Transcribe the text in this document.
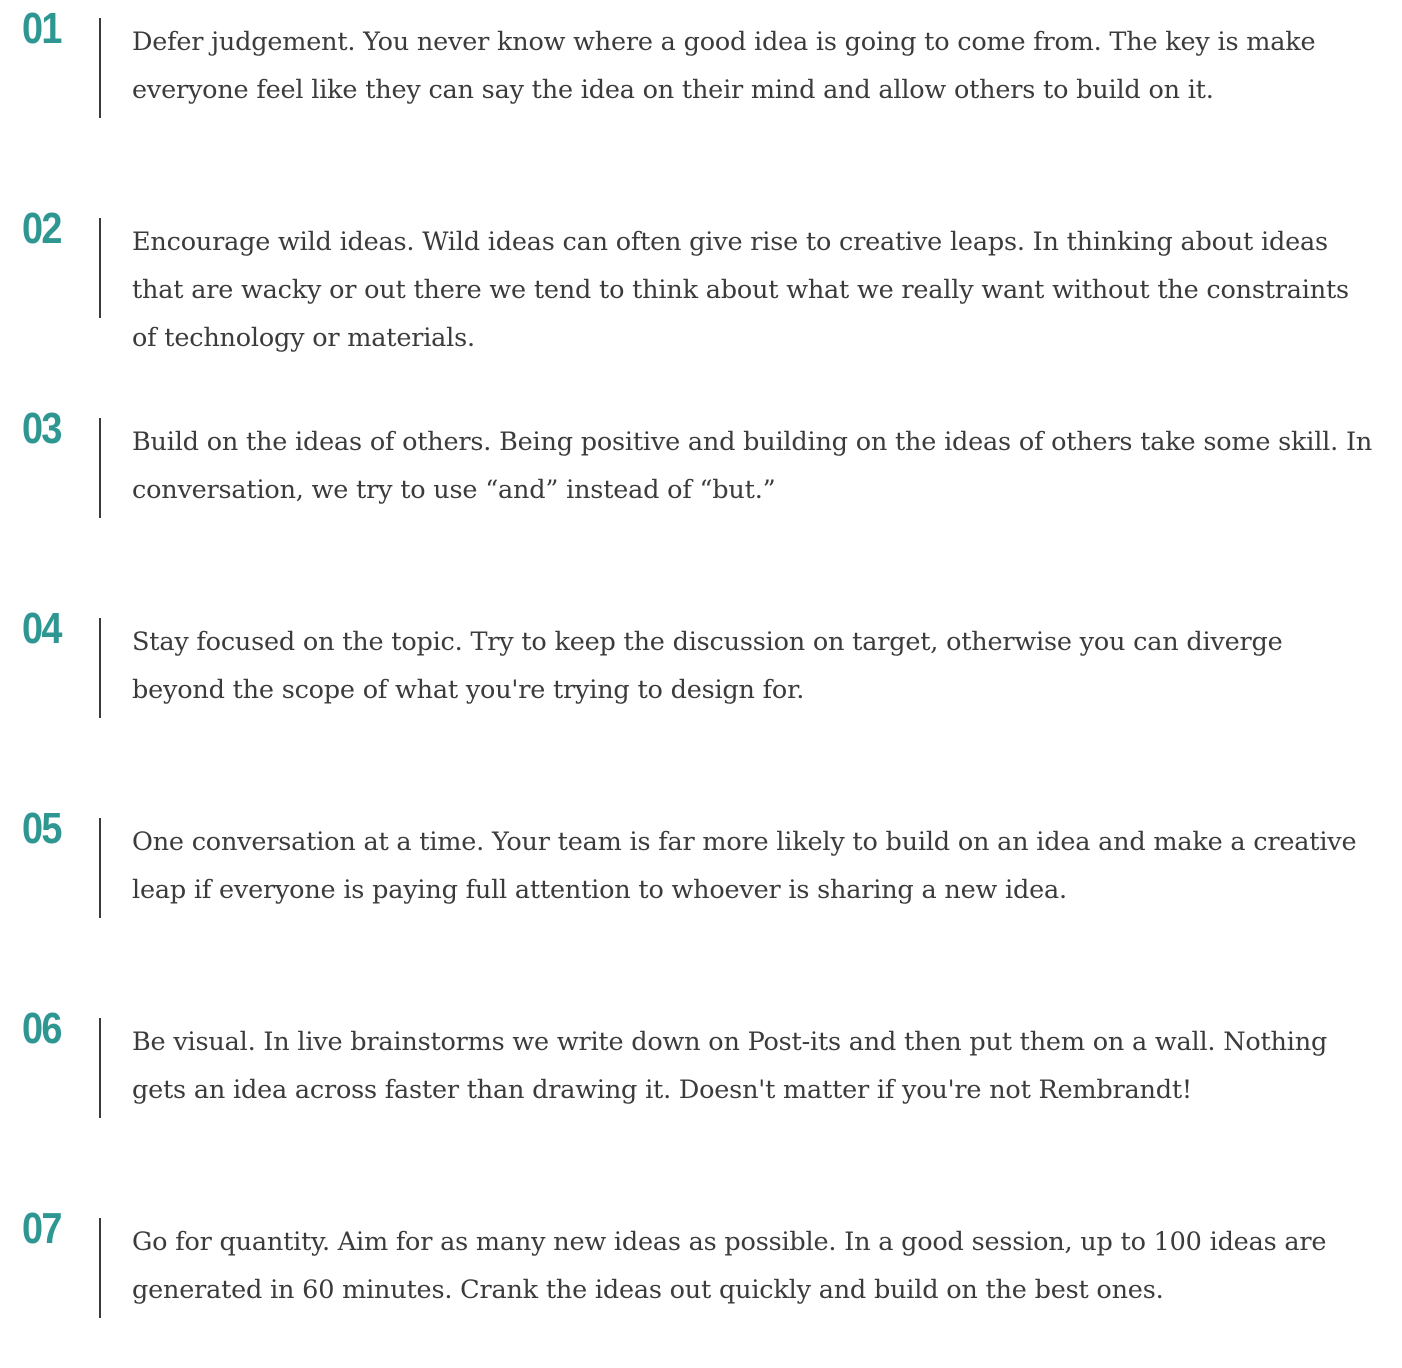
01	Defer judgement. You never know where a good idea is going to come from. The key is make everyone feel like they can say the idea on their mind and allow others to build on it.

02	Encourage wild ideas. Wild ideas can often give rise to creative leaps. In thinking about ideas that are wacky or out there we tend to think about what we really want without the constraints of technology or materials.

03	Build on the ideas of others. Being positive and building on the ideas of others take some skill. In conversation, we try to use “and” instead of “but.”

04	Stay focused on the topic. Try to keep the discussion on target, otherwise you can diverge beyond the scope of what you're trying to design for.

05	One conversation at a time. Your team is far more likely to build on an idea and make a creative leap if everyone is paying full attention to whoever is sharing a new idea.

06	Be visual. In live brainstorms we write down on Post-its and then put them on a wall. Nothing gets an idea across faster than drawing it. Doesn't matter if you're not Rembrandt!

07	Go for quantity. Aim for as many new ideas as possible. In a good session, up to 100 ideas are generated in 60 minutes. Crank the ideas out quickly and build on the best ones.
